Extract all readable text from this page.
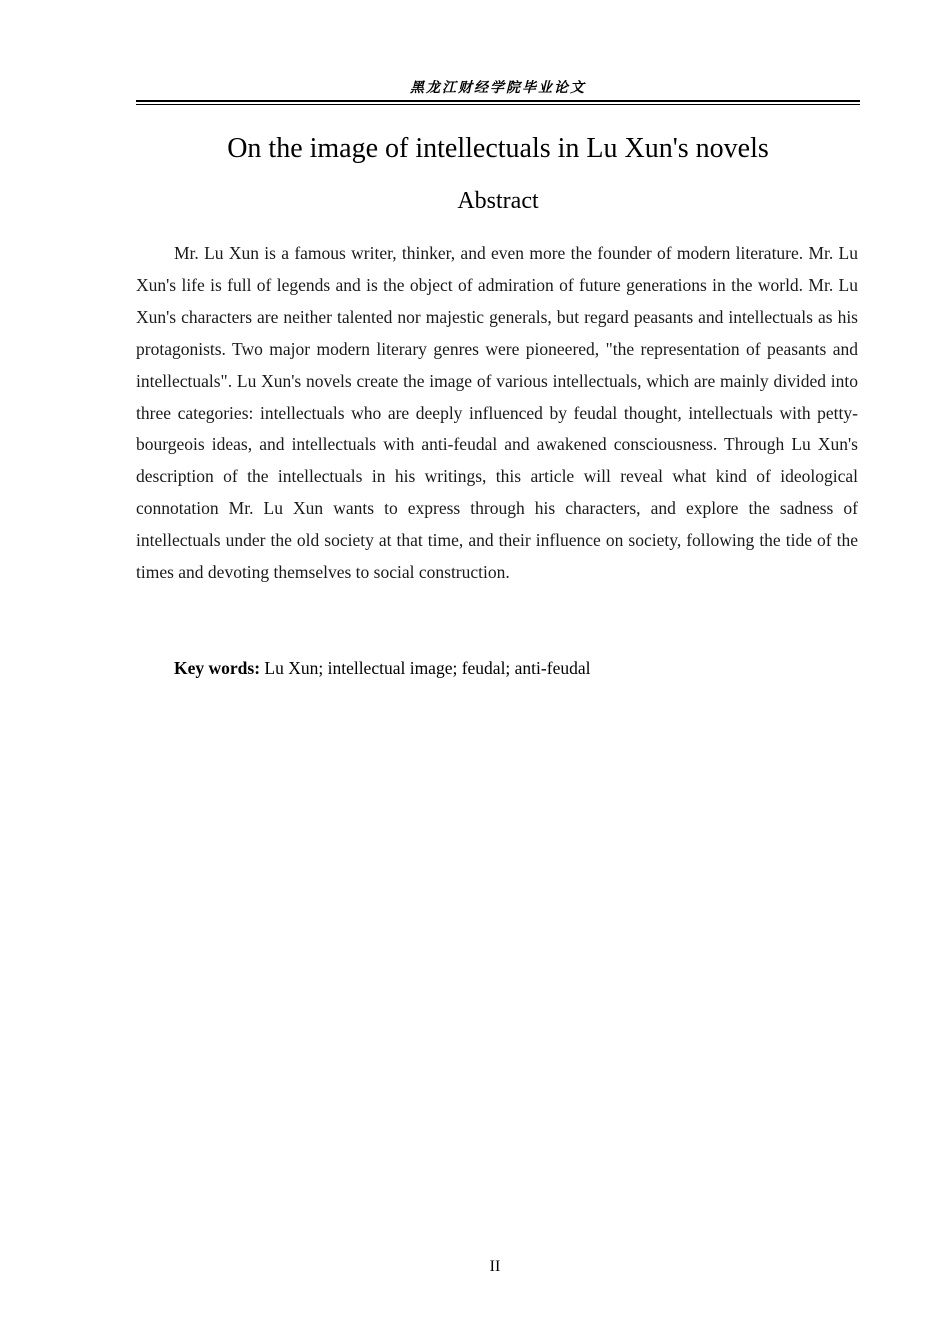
黑龙江财经学院毕业论文
On the image of intellectuals in Lu Xun's novels
Abstract

Mr. Lu Xun is a famous writer, thinker, and even more the founder of modern literature. Mr. Lu Xun's life is full of legends and is the object of admiration of future generations in the world. Mr. Lu Xun's characters are neither talented nor majestic generals, but regard peasants and intellectuals as his protagonists. Two major modern literary genres were pioneered, "the representation of peasants and intellectuals". Lu Xun's novels create the image of various intellectuals, which are mainly divided into three categories: intellectuals who are deeply influenced by feudal thought, intellectuals with petty-bourgeois ideas, and intellectuals with anti-feudal and awakened consciousness. Through Lu Xun's description of the intellectuals in his writings, this article will reveal what kind of ideological connotation Mr. Lu Xun wants to express through his characters, and explore the sadness of intellectuals under the old society at that time, and their influence on society, following the tide of the times and devoting themselves to social construction.

Key words: Lu Xun; intellectual image; feudal; anti-feudal
II
